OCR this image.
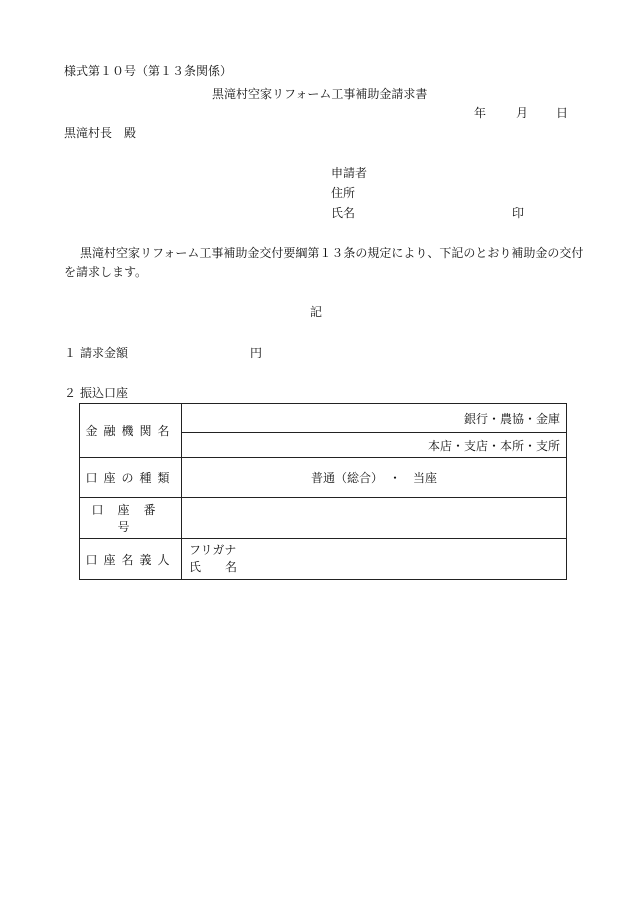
様式第１０号（第１３条関係）
黒滝村空家リフォーム工事補助金請求書
年 月 日
黒滝村長　殿
申請者
住所
氏名	印
黒滝村空家リフォーム工事補助金交付要綱第１３条の規定により、下記のとおり補助金の交付
を請求します。
記
１ 請求金額	円
２ 振込口座
金融機関名	銀行・農協・金庫
	本店・支店・本所・支所
口座の種類	普通（総合）　・　当座
口座番号	
口座名義人	フリガナ
氏　　名
